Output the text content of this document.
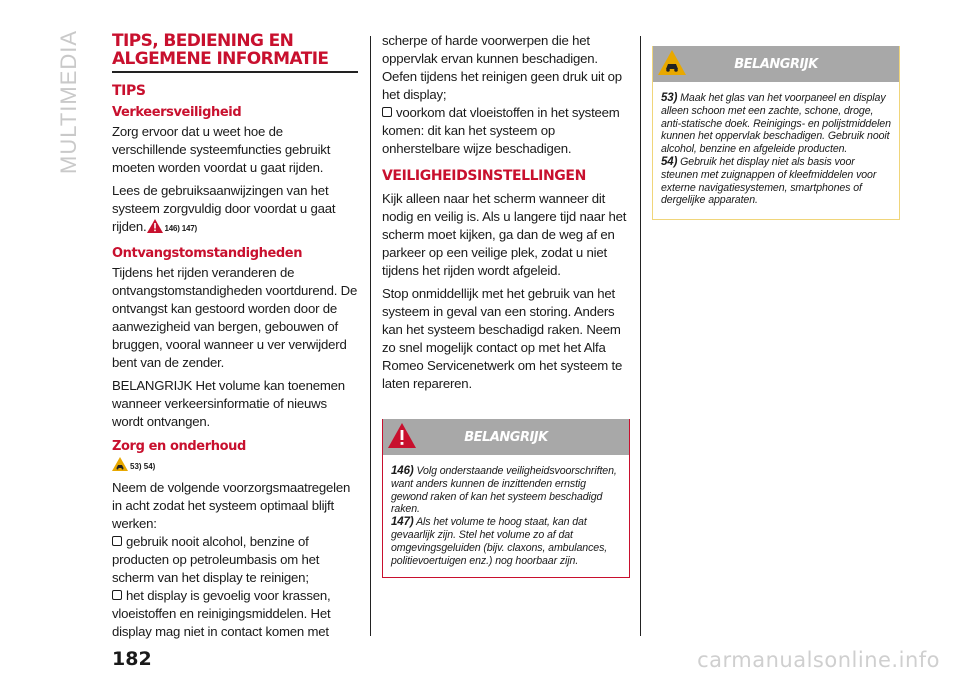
MULTIMEDIA	TIPS, BEDIENING EN ALGEMENE INFORMATIE
TIPS
Verkeersveiligheid

Zorg ervoor dat u weet hoe de verschillende systeemfuncties gebruikt moeten worden voordat u gaat rijden.

Lees de gebruiksaanwijzingen van het systeem zorgvuldig door voordat u gaat rijden. 146) 147)

Ontvangstomstandigheden

Tijdens het rijden veranderen de ontvangstomstandigheden voortdurend. De ontvangst kan gestoord worden door de aanwezigheid van bergen, gebouwen of bruggen, vooral wanneer u ver verwijderd bent van de zender.

BELANGRIJK Het volume kan toenemen wanneer verkeersinformatie of nieuws wordt ontvangen.

Zorg en onderhoud
53) 54)

Neem de volgende voorzorgsmaatregelen in acht zodat het systeem optimaal blijft werken:

gebruik nooit alcohol, benzine of producten op petroleumbasis om het scherm van het display te reinigen;

het display is gevoelig voor krassen, vloeistoffen en reinigingsmiddelen. Het display mag niet in contact komen met

scherpe of harde voorwerpen die het oppervlak ervan kunnen beschadigen. Oefen tijdens het reinigen geen druk uit op het display;

voorkom dat vloeistoffen in het systeem komen: dit kan het systeem op onherstelbare wijze beschadigen.

VEILIGHEIDSINSTELLINGEN

Kijk alleen naar het scherm wanneer dit nodig en veilig is. Als u langere tijd naar het scherm moet kijken, ga dan de weg af en parkeer op een veilige plek, zodat u niet tijdens het rijden wordt afgeleid.

Stop onmiddellijk met het gebruik van het systeem in geval van een storing. Anders kan het systeem beschadigd raken. Neem zo snel mogelijk contact op met het Alfa Romeo Servicenetwerk om het systeem te laten repareren.

BELANGRIJK

146) Volg onderstaande veiligheidsvoorschriften, want anders kunnen de inzittenden ernstig gewond raken of kan het systeem beschadigd raken.

147) Als het volume te hoog staat, kan dat gevaarlijk zijn. Stel het volume zo af dat omgevingsgeluiden (bijv. claxons, ambulances, politievoertuigen enz.) nog hoorbaar zijn.

BELANGRIJK

53) Maak het glas van het voorpaneel en display alleen schoon met een zachte, schone, droge, anti-statische doek. Reinigings- en polijstmiddelen kunnen het oppervlak beschadigen. Gebruik nooit alcohol, benzine en afgeleide producten.

54) Gebruik het display niet als basis voor steunen met zuignappen of kleefmiddelen voor externe navigatiesystemen, smartphones of dergelijke apparaten.

182	carmanualsonline.info
